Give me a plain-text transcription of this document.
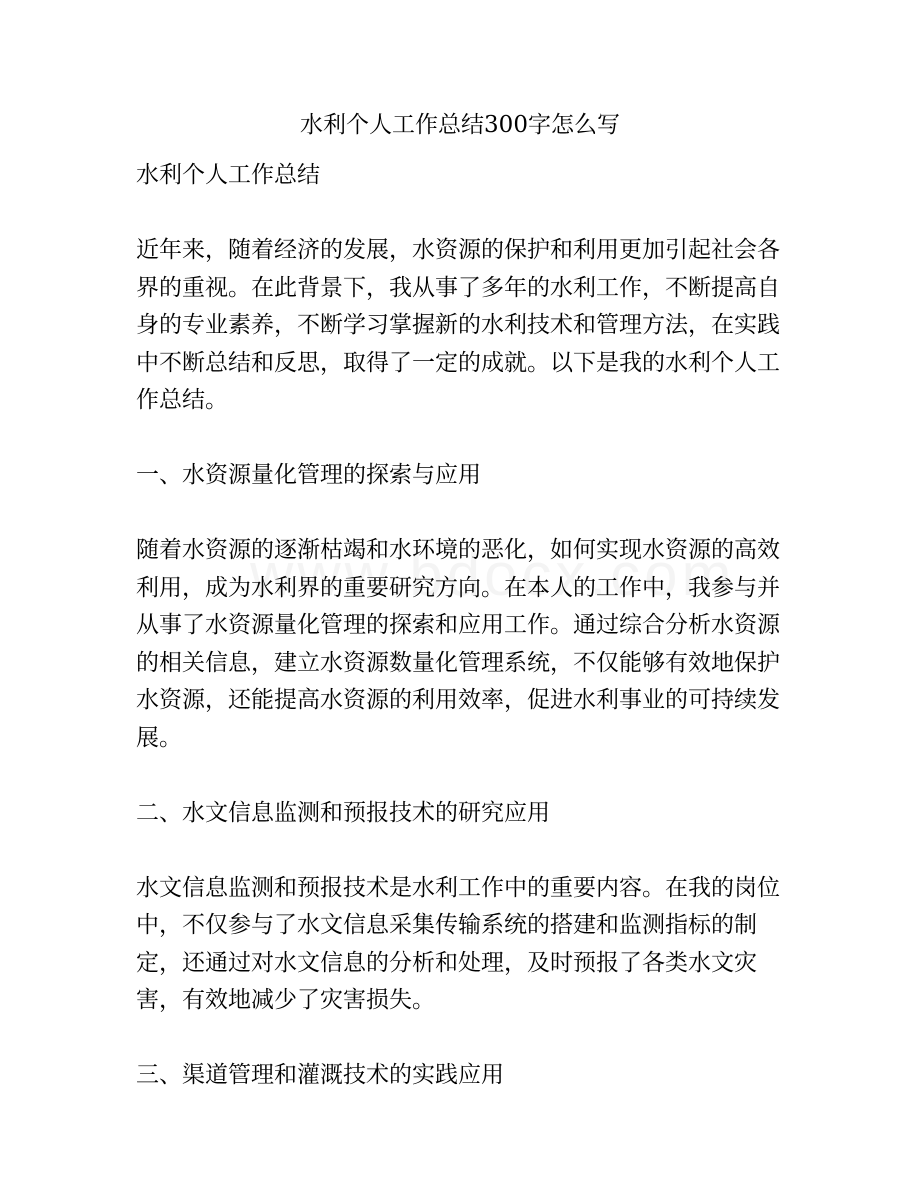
水利个人工作总结300字怎么写

水利个人工作总结

近年来，随着经济的发展，水资源的保护和利用更加引起社会各界的重视。在此背景下，我从事了多年的水利工作，不断提高自身的专业素养，不断学习掌握新的水利技术和管理方法，在实践中不断总结和反思，取得了一定的成就。以下是我的水利个人工作总结。

一、水资源量化管理的探索与应用

随着水资源的逐渐枯竭和水环境的恶化，如何实现水资源的高效利用，成为水利界的重要研究方向。在本人的工作中，我参与并从事了水资源量化管理的探索和应用工作。通过综合分析水资源的相关信息，建立水资源数量化管理系统，不仅能够有效地保护水资源，还能提高水资源的利用效率，促进水利事业的可持续发展。

二、水文信息监测和预报技术的研究应用

水文信息监测和预报技术是水利工作中的重要内容。在我的岗位中，不仅参与了水文信息采集传输系统的搭建和监测指标的制定，还通过对水文信息的分析和处理，及时预报了各类水文灾害，有效地减少了灾害损失。

三、渠道管理和灌溉技术的实践应用
